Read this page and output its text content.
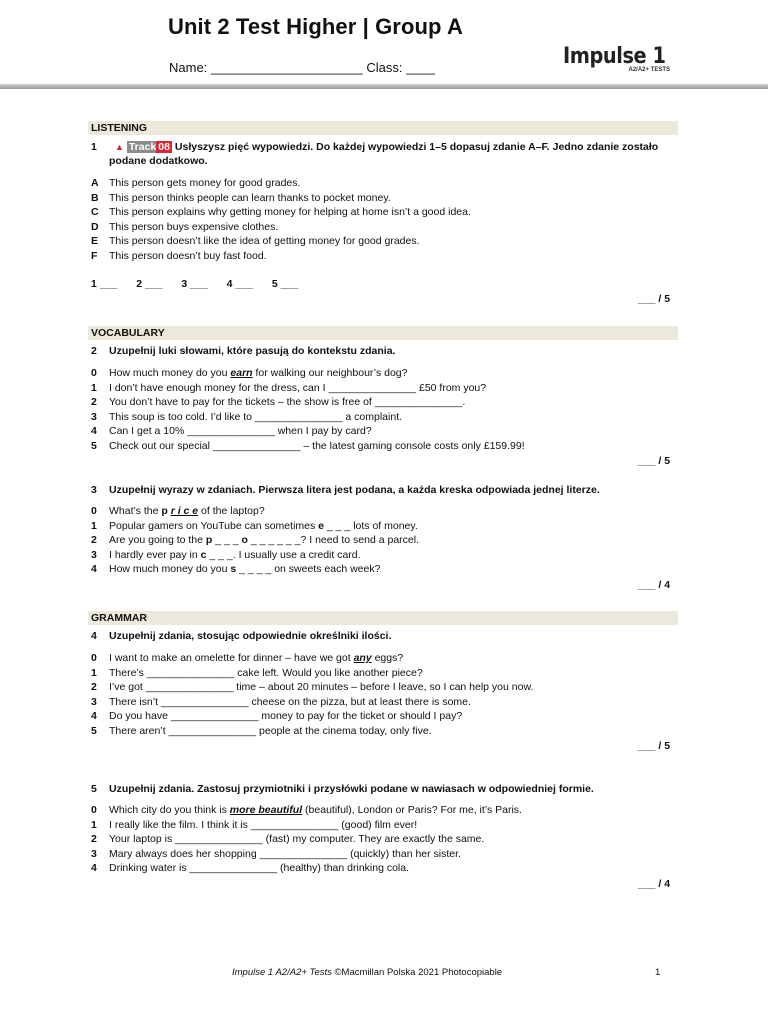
Unit 2 Test Higher | Group A
Name: _____________________ Class: ____	Impulse 1
A2/A2+ TESTS
LISTENING
1	▲ Track 08 Usłyszysz pięć wypowiedzi. Do każdej wypowiedzi 1–5 dopasuj zdanie A–F. Jedno zdanie zostało podane dodatkowo.
A This person gets money for good grades.
B This person thinks people can learn thanks to pocket money.
C This person explains why getting money for helping at home isn’t a good idea.
D This person buys expensive clothes.
E This person doesn’t like the idea of getting money for good grades.
F This person doesn’t buy fast food.
1 ___ 2 ___ 3 ___ 4 ___ 5 ___
___ / 5
VOCABULARY
2	Uzupełnij luki słowami, które pasują do kontekstu zdania.
0 How much money do you earn for walking our neighbour’s dog?
1 I don’t have enough money for the dress, can I _______________ £50 from you?
2 You don’t have to pay for the tickets – the show is free of _______________.
3 This soup is too cold. I’d like to _______________ a complaint.
4 Can I get a 10% _______________ when I pay by card?
5 Check out our special _______________ – the latest gaming console costs only £159.99!
___ / 5
3	Uzupełnij wyrazy w zdaniach. Pierwsza litera jest podana, a każda kreska odpowiada jednej literze.
0 What’s the p r i c e of the laptop?
1 Popular gamers on YouTube can sometimes e _ _ _ lots of money.
2 Are you going to the p _ _ _ o _ _ _ _ _ _? I need to send a parcel.
3 I hardly ever pay in c _ _ _. I usually use a credit card.
4 How much money do you s _ _ _ _ on sweets each week?
___ / 4
GRAMMAR
4	Uzupełnij zdania, stosując odpowiednie określniki ilości.
0 I want to make an omelette for dinner – have we got any eggs?
1 There’s _______________ cake left. Would you like another piece?
2 I’ve got _______________ time – about 20 minutes – before I leave, so I can help you now.
3 There isn’t _______________ cheese on the pizza, but at least there is some.
4 Do you have _______________ money to pay for the ticket or should I pay?
5 There aren’t _______________ people at the cinema today, only five.
___ / 5
5	Uzupełnij zdania. Zastosuj przymiotniki i przysłówki podane w nawiasach w odpowiedniej formie.
0 Which city do you think is more beautiful (beautiful), London or Paris? For me, it’s Paris.
1 I really like the film. I think it is _______________ (good) film ever!
2 Your laptop is _______________ (fast) my computer. They are exactly the same.
3 Mary always does her shopping _______________ (quickly) than her sister.
4 Drinking water is _______________ (healthy) than drinking cola.
___ / 4
Impulse 1 A2/A2+ Tests ©Macmillan Polska 2021 Photocopiable	1
